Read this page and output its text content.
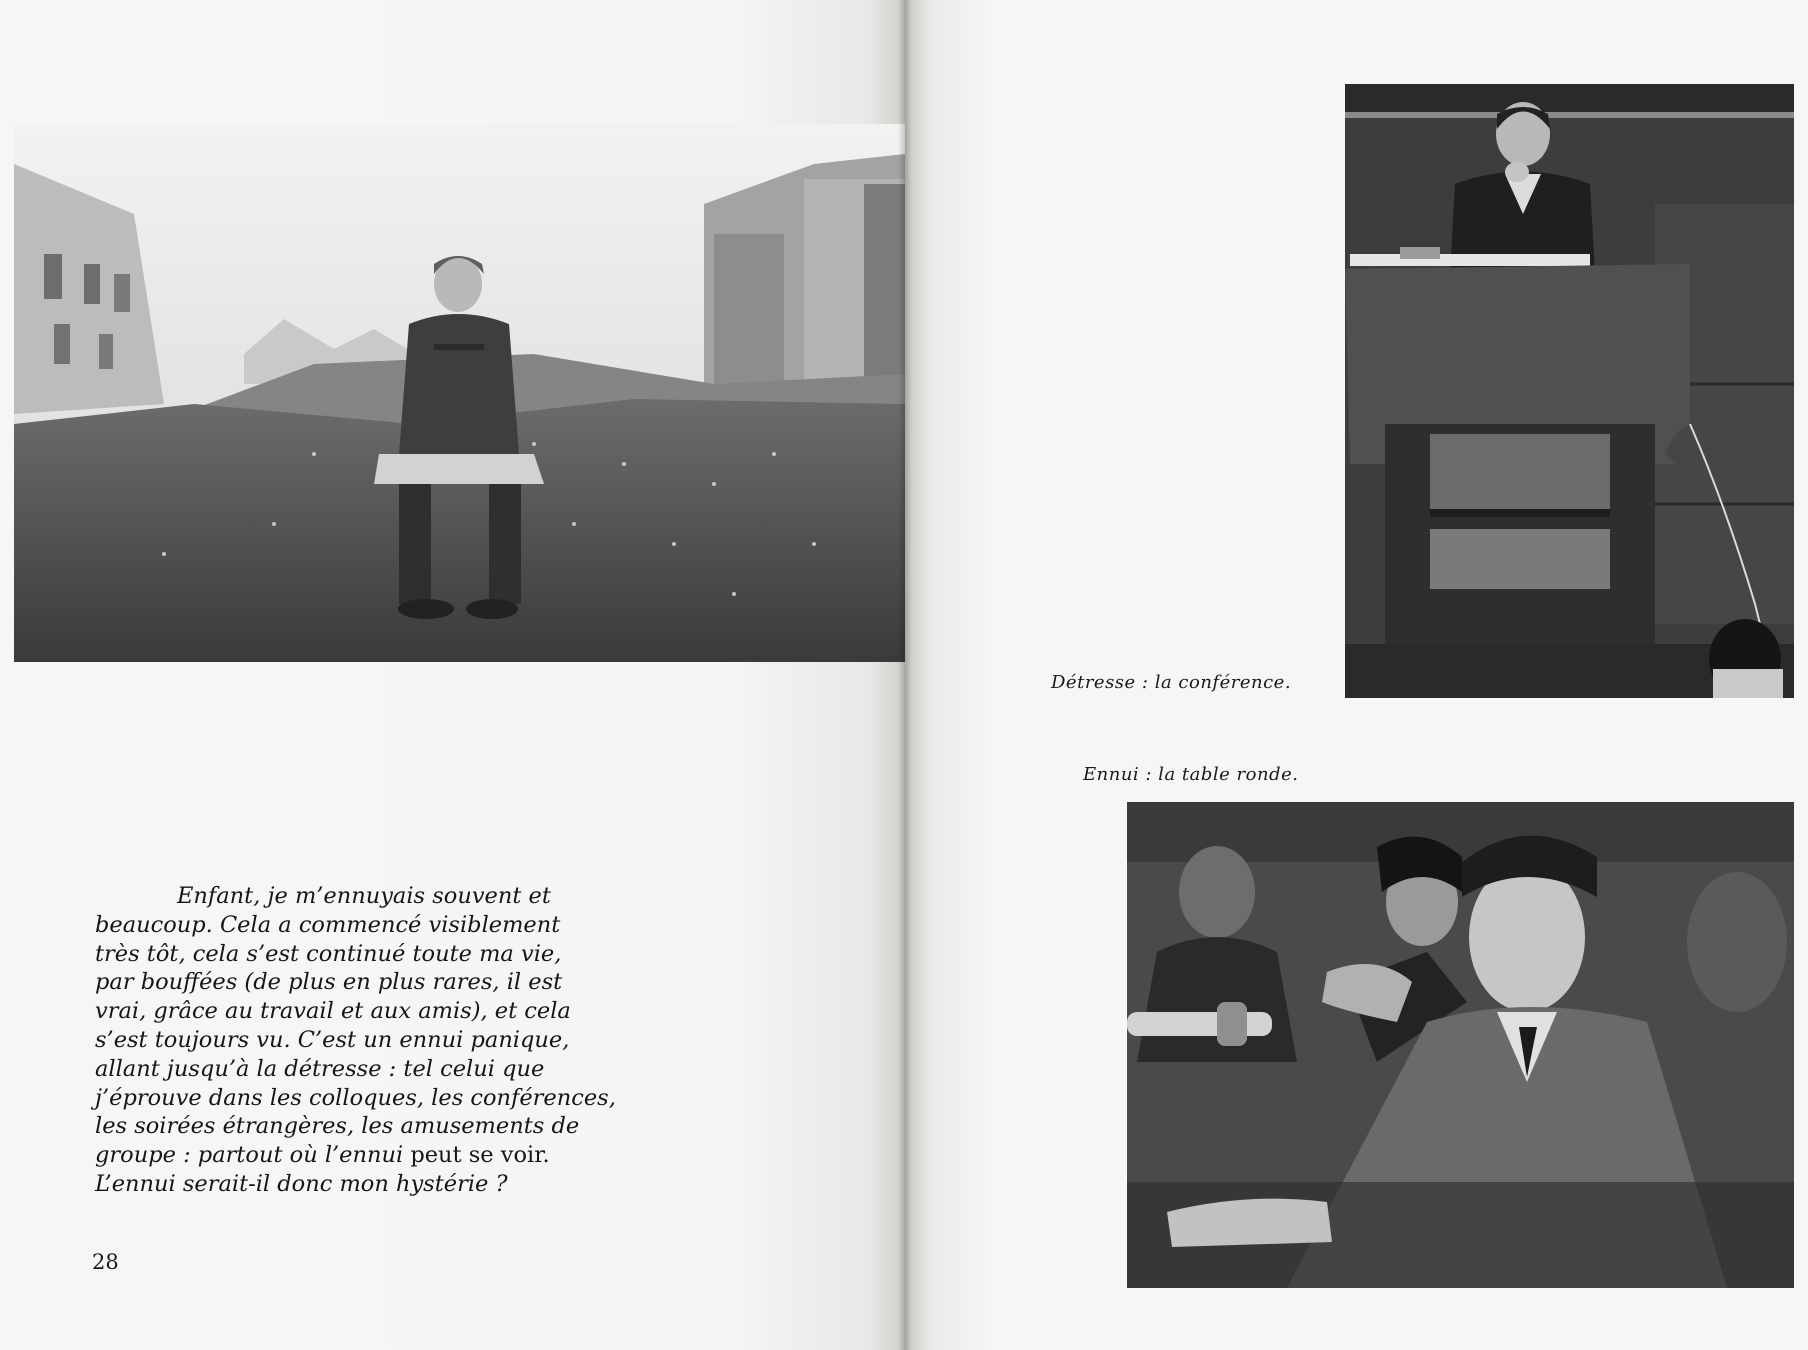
Enfant, je m’ennuyais souvent et
beaucoup. Cela a commencé visiblement
très tôt, cela s’est continué toute ma vie,
par bouffées (de plus en plus rares, il est
vrai, grâce au travail et aux amis), et cela
s’est toujours vu. C’est un ennui panique,
allant jusqu’à la détresse : tel celui que
j’éprouve dans les colloques, les conférences,
les soirées étrangères, les amusements de
groupe : partout où l’ennui peut se voir.
L’ennui serait-il donc mon hystérie ?
28
Détresse : la conférence.
Ennui : la table ronde.
